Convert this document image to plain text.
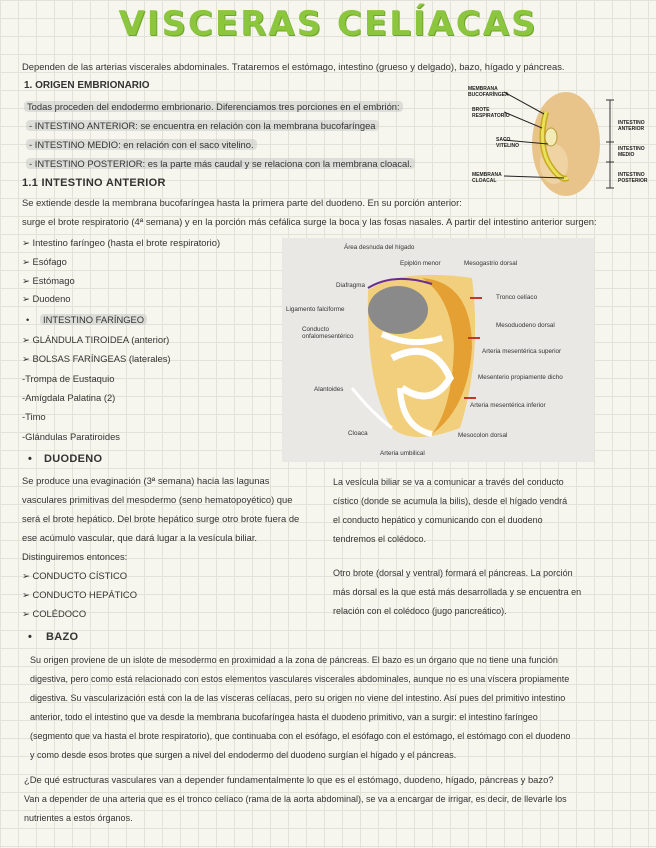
VISCERAS CELÍACAS
Dependen de las arterias viscerales abdominales. Trataremos el estómago, intestino (grueso y delgado), bazo, hígado y páncreas.
1. ORIGEN EMBRIONARIO
Todas proceden del endodermo embrionario. Diferenciamos tres porciones en el embrión:
- INTESTINO ANTERIOR: se encuentra en relación con la membrana bucofaríngea
- INTESTINO MEDIO: en relación con el saco vitelino.
- INTESTINO POSTERIOR: es la parte más caudal y se relaciona con la membrana cloacal.
1.1 INTESTINO ANTERIOR
Se extiende desde la membrana bucofaríngea hasta la primera parte del duodeno. En su porción anterior:
surge el brote respiratorio (4ª semana) y en la porción más cefálica surge la boca y las fosas nasales. A partir del intestino anterior surgen:
➢ Intestino faríngeo (hasta el brote respiratorio)
➢ Esófago
➢ Estómago
➢ Duodeno
•	INTESTINO FARÍNGEO
➢ GLÁNDULA TIROIDEA (anterior)
➢ BOLSAS FARÍNGEAS (laterales)
-Trompa de Eustaquio
-Amígdala Palatina (2)
-Timo
-Glándulas Paratiroides
• DUODENO
Se produce una evaginación (3ª semana) hacia las lagunas
vasculares primitivas del mesodermo (seno hematopoyético) que
será el brote hepático. Del brote hepático surge otro brote fuera de
ese acúmulo vascular, que dará lugar a la vesícula biliar.
Distinguiremos entonces:
➢ CONDUCTO CÍSTICO
➢ CONDUCTO HEPÁTICO
➢ COLÉDOCO
La vesícula biliar se va a comunicar a través del conducto
cístico (donde se acumula la bilis), desde el hígado vendrá
el conducto hepático y comunicando con el duodeno
tendremos el colédoco.
Otro brote (dorsal y ventral) formará el páncreas. La porción
más dorsal es la que está más desarrollada y se encuentra en
relación con el colédoco (jugo pancreático).
• BAZO
Su origen proviene de un islote de mesodermo en proximidad a la zona de páncreas. El bazo es un órgano que no tiene una función
digestiva, pero como está relacionado con estos elementos vasculares viscerales abdominales, aunque no es una víscera propiamente
digestiva. Su vascularización está con la de las vísceras celíacas, pero su origen no viene del intestino. Así pues del primitivo intestino
anterior, todo el intestino que va desde la membrana bucofaríngea hasta el duodeno primitivo, van a surgir: el intestino faríngeo
(segmento que va hasta el brote respiratorio), que continuaba con el esófago, el esófago con el estómago, el estómago con el duodeno
y como desde esos brotes que surgen a nivel del endodermo del duodeno surgían el hígado y el páncreas.
¿De qué estructuras vasculares van a depender fundamentalmente lo que es el estómago, duodeno, hígado, páncreas y bazo?
Van a depender de una arteria que es el tronco celíaco (rama de la aorta abdominal), se va a encargar de irrigar, es decir, de llevarle los
nutrientes a estos órganos.
MEMBRANA BUCOFARÍNGEA
BROTE RESPIRATORIO
SACO VITELINO
MEMBRANA CLOACAL
INTESTINO ANTERIOR
INTESTINO MEDIO
INTESTINO POSTERIOR
Área desnuda del hígado
Epiplón menor	Mesogastrio dorsal
Diafragma
Ligamento falciforme
Tronco celíaco
Conducto onfalomesentérico
Mesoduodeno dorsal
Arteria mesentérica superior
Mesenterio propiamente dicho
Alantoides
Arteria mesentérica inferior
Cloaca	Mesocolon dorsal
Arteria umbilical
